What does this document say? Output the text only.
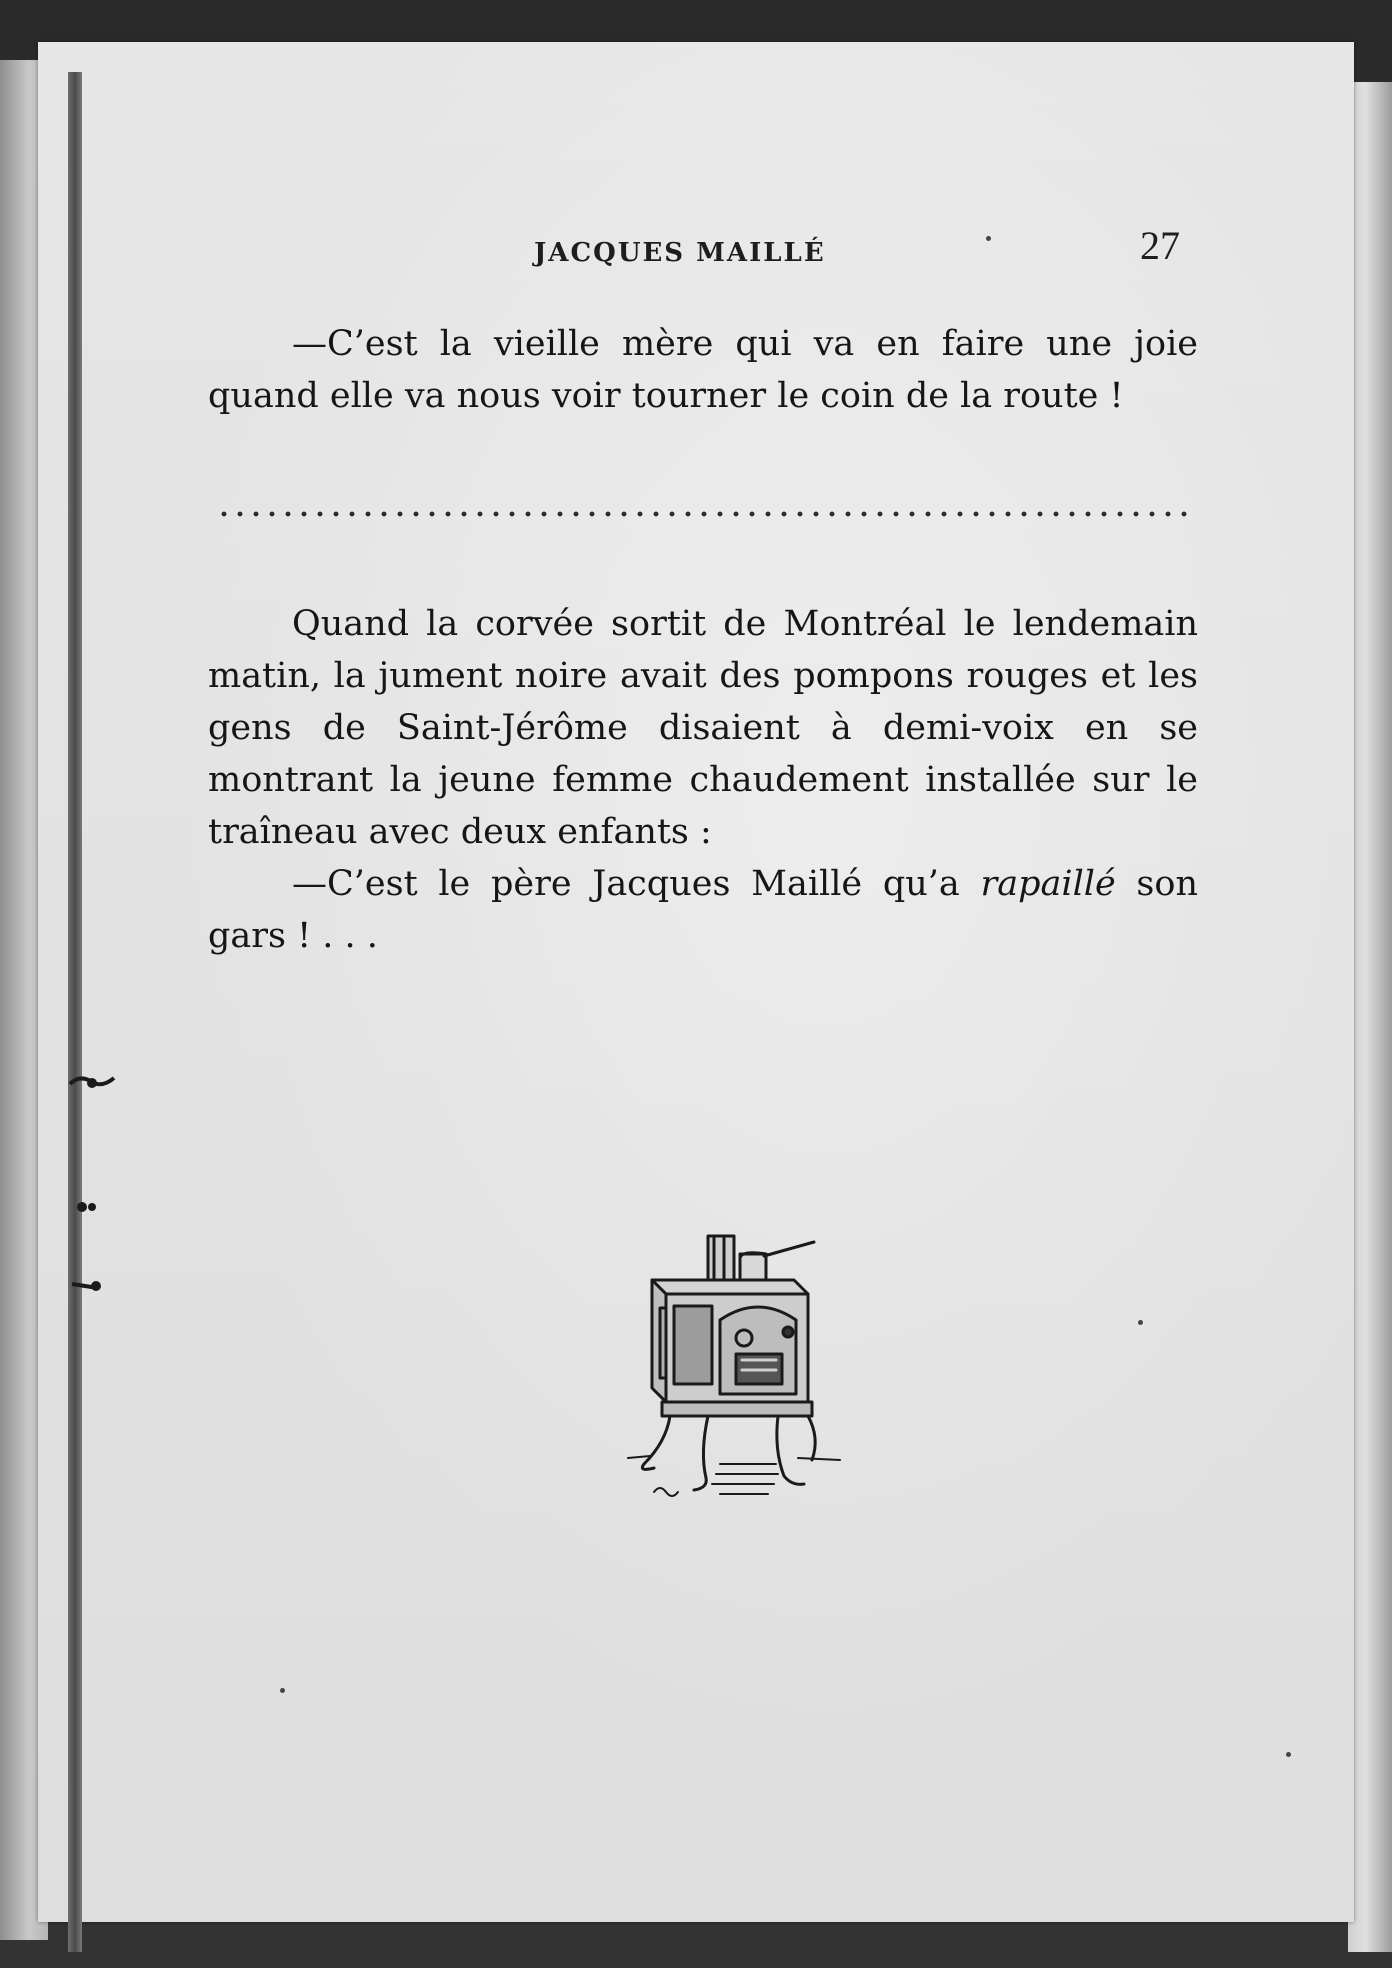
JACQUES MAILLÉ	27
—C’est la vieille mère qui va en faire une joie quand elle va nous voir tourner le coin de la route !
Quand la corvée sortit de Montréal le lendemain matin, la jument noire avait des pompons rouges et les gens de Saint-Jérôme disaient à demi-voix en se montrant la jeune femme chaudement installée sur le traîneau avec deux enfants :
—C’est le père Jacques Maillé qu’a rapaillé son gars ! . . .
